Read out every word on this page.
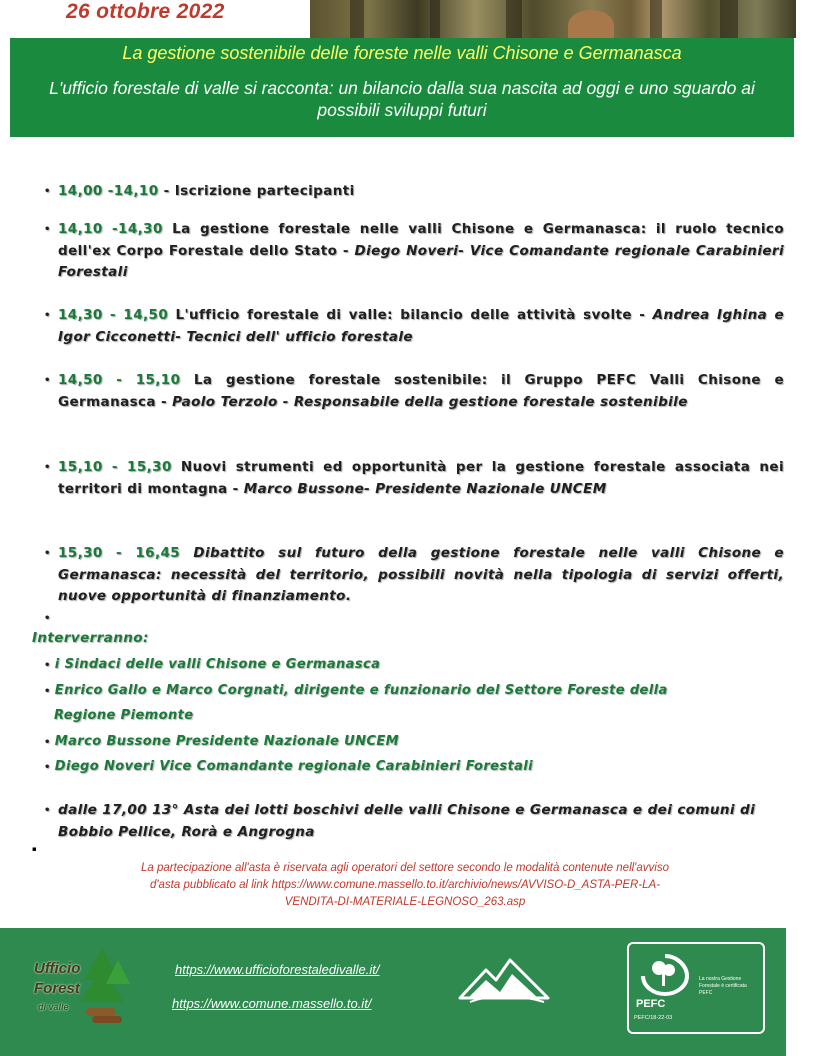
26 ottobre 2022
La gestione sostenibile delle foreste nelle valli Chisone e Germanasca
L'ufficio forestale di valle si racconta: un bilancio dalla sua nascita ad oggi e uno sguardo ai possibili sviluppi futuri
• 14,00 -14,10 - Iscrizione partecipanti
• 14,10 -14,30 La gestione forestale nelle valli Chisone e Germanasca: il ruolo tecnico dell'ex Corpo Forestale dello Stato - Diego Noveri- Vice Comandante regionale Carabinieri Forestali
• 14,30 - 14,50 L'ufficio forestale di valle: bilancio delle attività svolte - Andrea Ighina e Igor Cicconetti- Tecnici dell' ufficio forestale
• 14,50 - 15,10 La gestione forestale sostenibile: il Gruppo PEFC Valli Chisone e Germanasca - Paolo Terzolo - Responsabile della gestione forestale sostenibile
• 15,10 - 15,30 Nuovi strumenti ed opportunità per la gestione forestale associata nei territori di montagna - Marco Bussone- Presidente Nazionale UNCEM
• 15,30 - 16,45 Dibattito sul futuro della gestione forestale nelle valli Chisone e Germanasca: necessità del territorio, possibili novità nella tipologia di servizi offerti, nuove opportunità di finanziamento.
•
Interverranno:
• i Sindaci delle valli Chisone e Germanasca
• Enrico Gallo e Marco Corgnati, dirigente e funzionario del Settore Foreste della
Regione Piemonte
• Marco Bussone Presidente Nazionale UNCEM
• Diego Noveri Vice Comandante regionale Carabinieri Forestali
• dalle 17,00 13° Asta dei lotti boschivi delle valli Chisone e Germanasca e dei comuni di Bobbio Pellice, Rorà e Angrogna
▪
La partecipazione all'asta è riservata agli operatori del settore secondo le modalità contenute nell'avviso
d'asta pubblicato al link https://www.comune.massello.to.it/archivio/news/AVVISO-D_ASTA-PER-LA-
VENDITA-DI-MATERIALE-LEGNOSO_263.asp
Ufficio
Forest
di valle
https://www.ufficioforestaledivalle.it/
https://www.comune.massello.to.it/
La nostra Gestione Forestale è certificata PEFC
PEFC
PEFC/18-22-03
